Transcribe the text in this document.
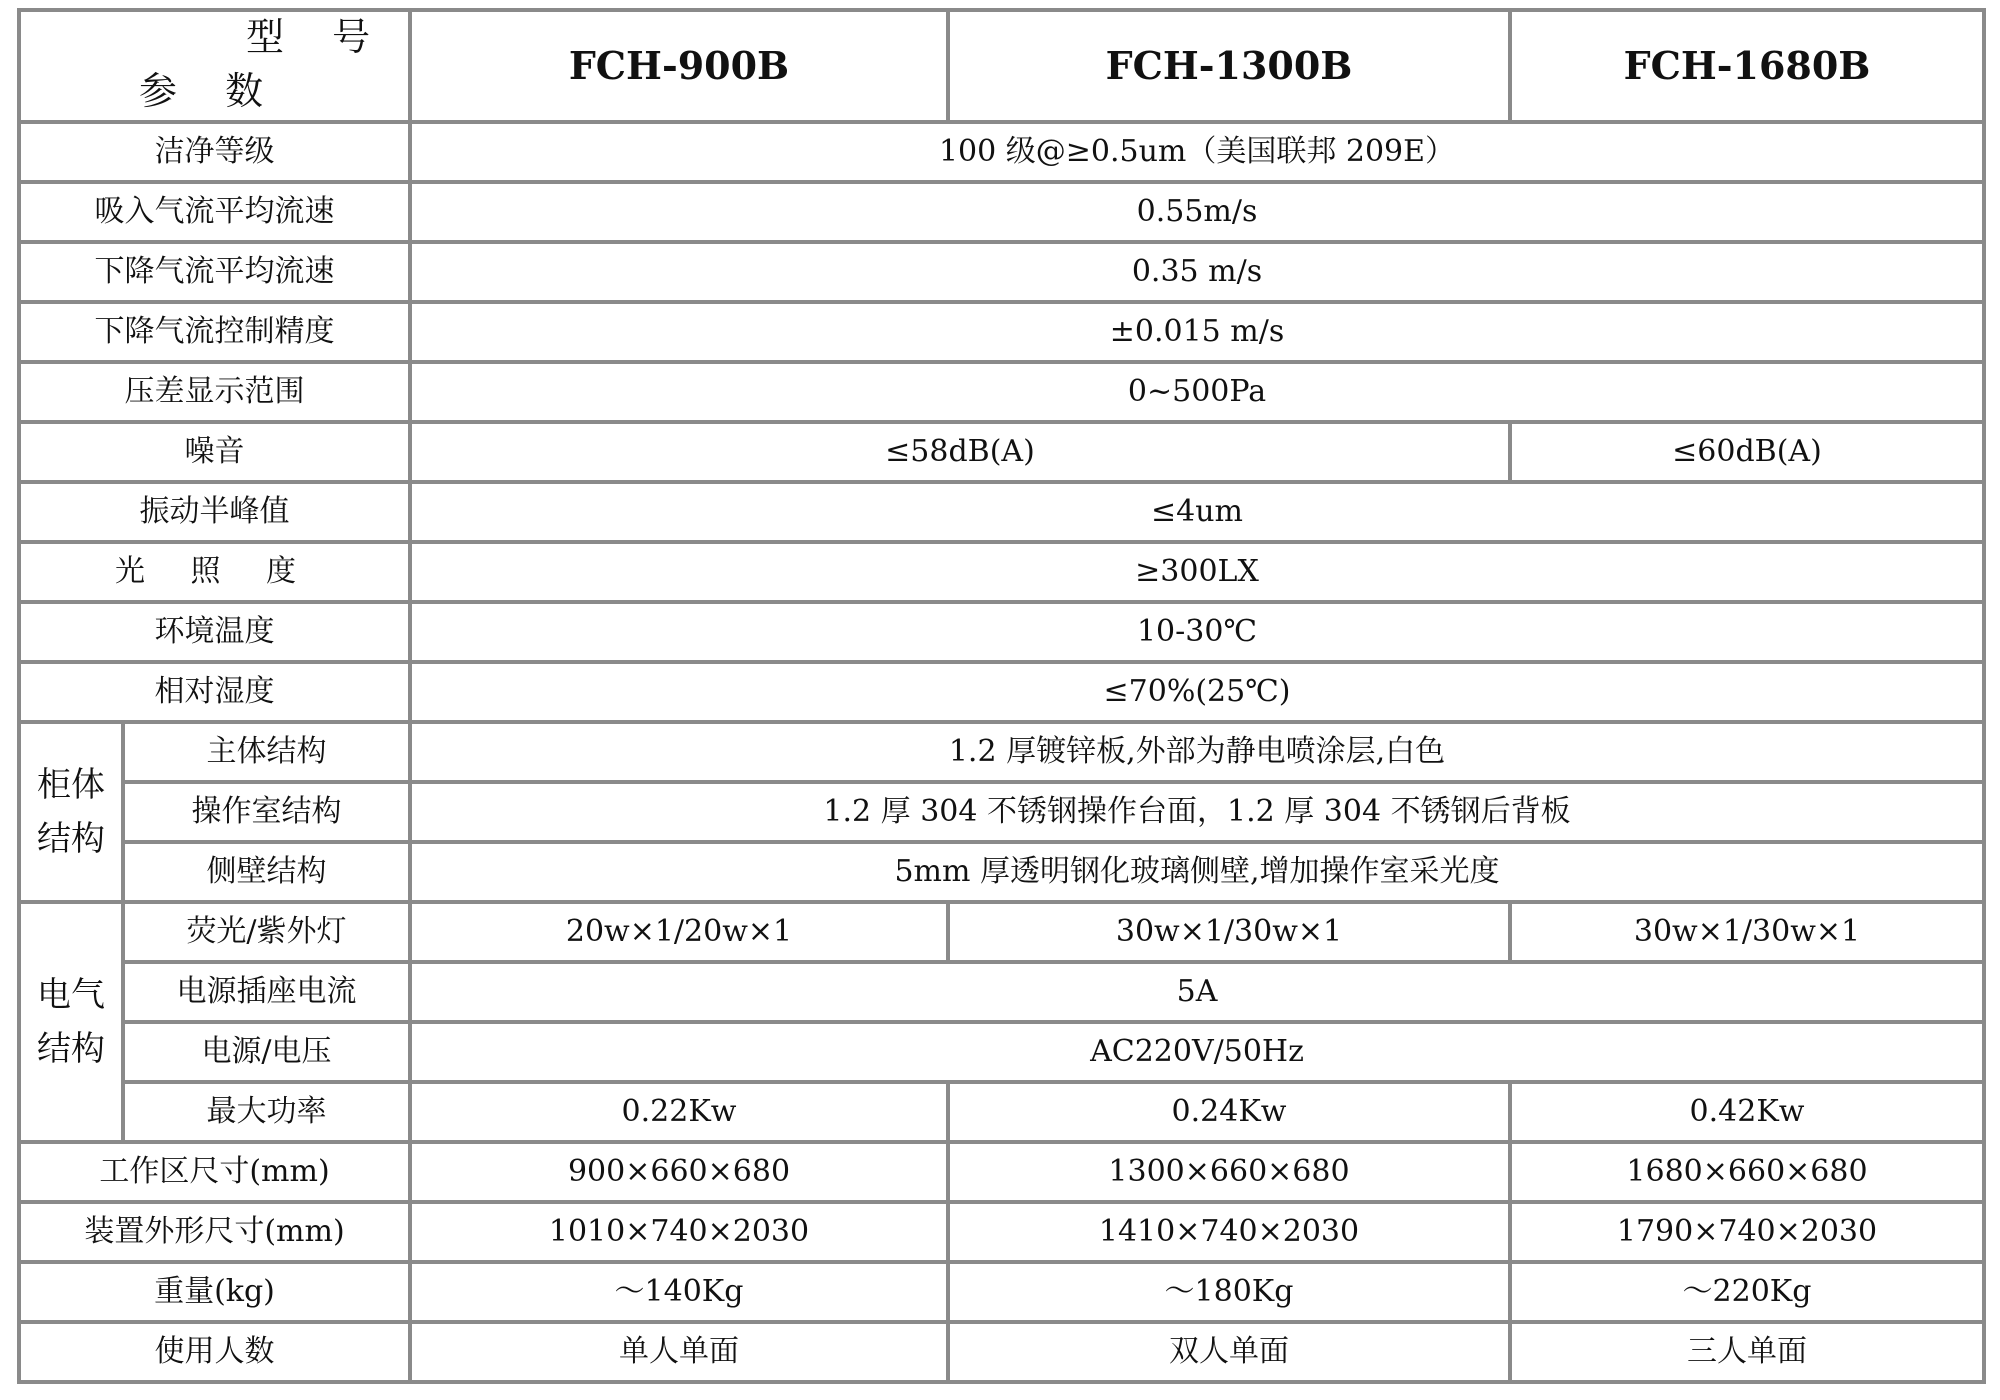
型 号
参 数		FCH-900B	FCH-1300B	FCH-1680B
洁净等级		100 级@≥0.5um（美国联邦 209E）		
吸入气流平均流速		0.55m/s		
下降气流平均流速		0.35 m/s		
下降气流控制精度		±0.015 m/s		
压差显示范围		0~500Pa		
噪音		≤58dB(A)		≤60dB(A)
振动半峰值		≤4um		
光 照 度		≥300LX		
环境温度		10-30℃		
相对湿度		≤70%(25℃)		

柜体
结构	主体结构	1.2 厚镀锌板,外部为静电喷涂层,白色		
	操作室结构	1.2 厚 304 不锈钢操作台面，1.2 厚 304 不锈钢后背板		
	侧壁结构	5mm 厚透明钢化玻璃侧壁,增加操作室采光度		

电气
结构	荧光/紫外灯	20w×1/20w×1	30w×1/30w×1	30w×1/30w×1
	电源插座电流	5A		
	电源/电压	AC220V/50Hz		
	最大功率	0.22Kw	0.24Kw	0.42Kw
工作区尺寸(mm)		900×660×680	1300×660×680	1680×660×680
装置外形尺寸(mm)		1010×740×2030	1410×740×2030	1790×740×2030
重量(kg)		～140Kg	～180Kg	～220Kg
使用人数		单人单面	双人单面	三人单面
